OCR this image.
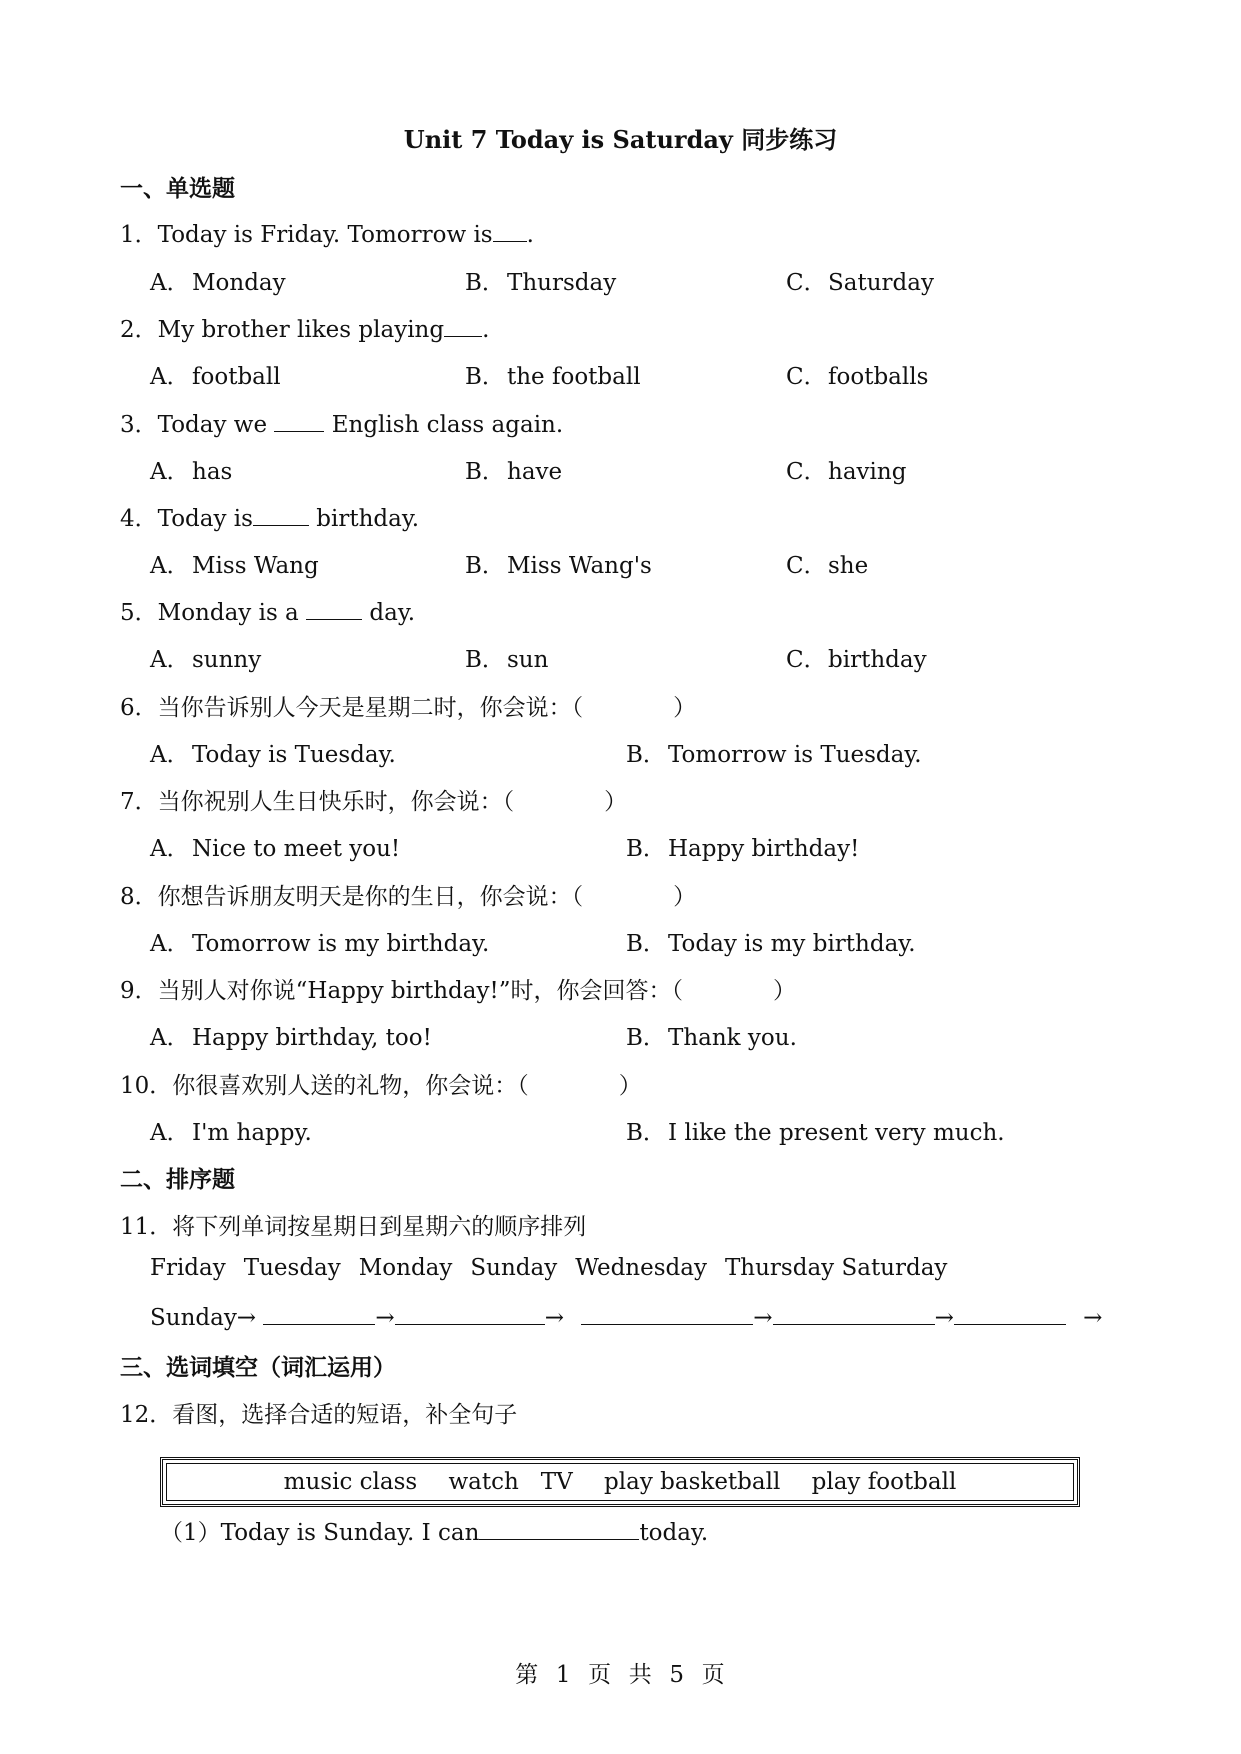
Unit 7 Today is Saturday 同步练习
一、单选题
1．Today is Friday. Tomorrow is .
A． Monday	B．Thursday	C．Saturday
2．My brother likes playing .
A． football	B．the football	C．footballs
3．Today we  English class again.
A． has	B．have	C．having
4．Today is birthday.
A． Miss Wang	B．Miss Wang's	C．she
5．Monday is a  day.
A． sunny	B．sun	C．birthday
6．当你告诉别人今天是星期二时，你会说：（	）
A． Today is Tuesday.	B．Tomorrow is Tuesday.
7．当你祝别人生日快乐时，你会说：（	）
A． Nice to meet you!	B．Happy birthday!
8．你想告诉朋友明天是你的生日，你会说：（	）
A． Tomorrow is my birthday.	B．Today is my birthday.
9．当别人对你说“Happy birthday!”时，你会回答：（	）
A． Happy birthday, too!	B．Thank you.
10．你很喜欢别人送的礼物，你会说：（	）
A． I'm happy.	B．I like the present very much.
二、排序题
11．将下列单词按星期日到星期六的顺序排列
Friday Tuesday Monday Sunday Wednesday Thursday Saturday
Sunday→	→	→	→	→	→
三、选词填空（词汇运用）
12．看图，选择合适的短语，补全句子
music class watch   TV play basketball play football
（1）Today is Sunday. I can	today.
第  1  页  共  5  页
